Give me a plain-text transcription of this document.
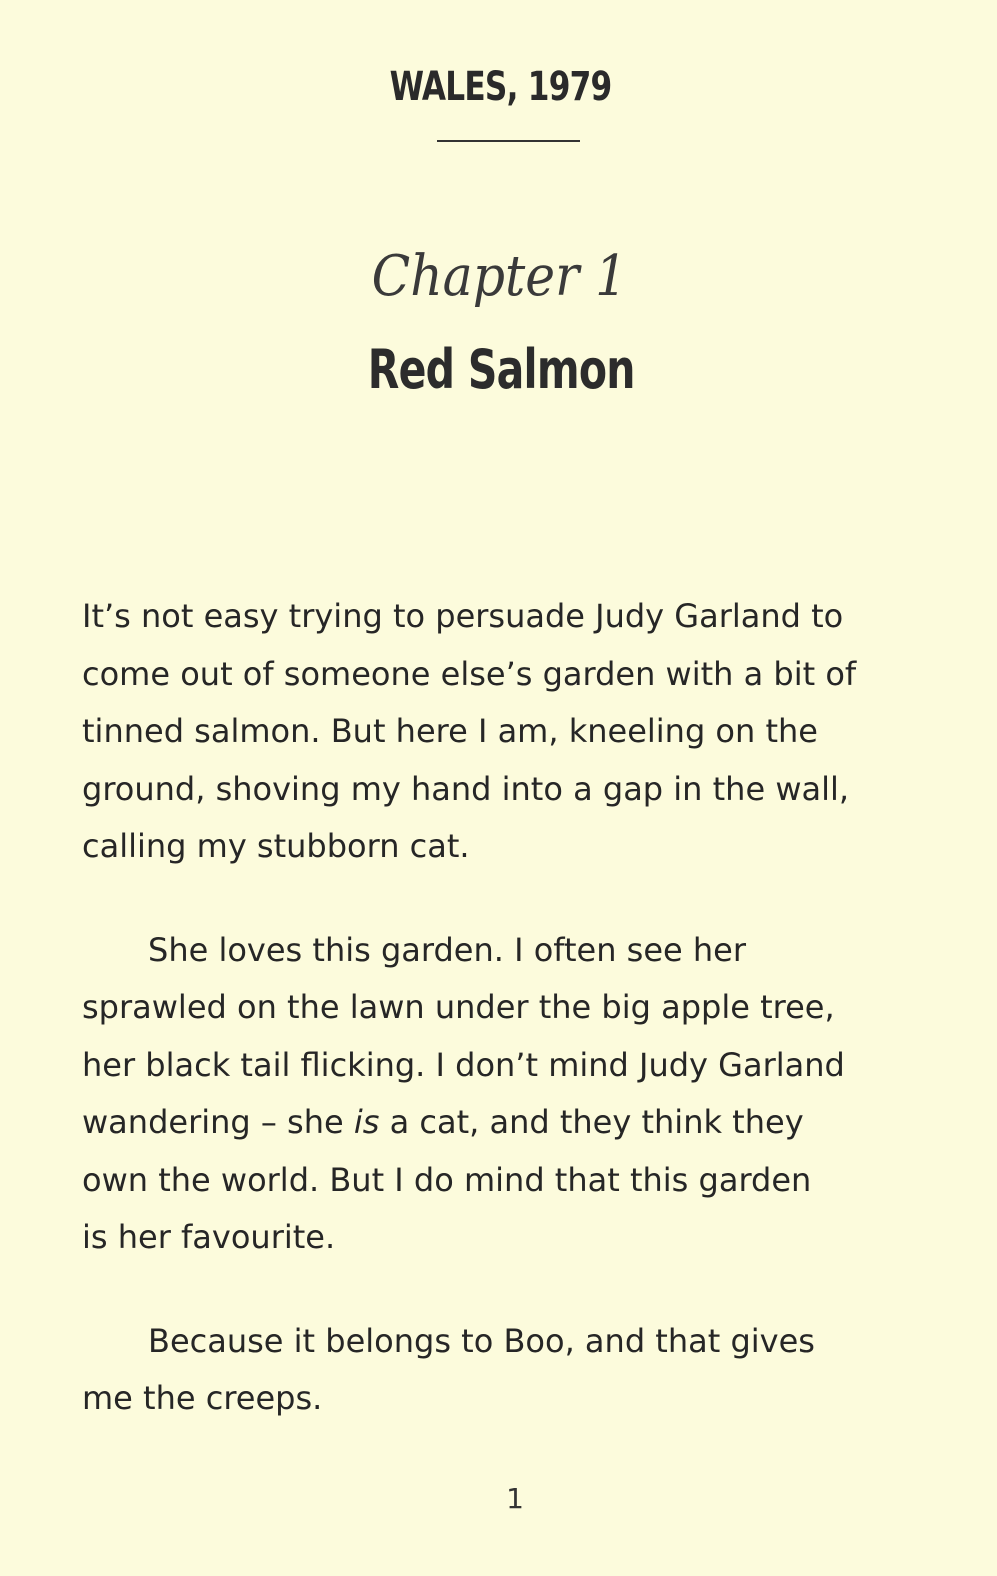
WALES, 1979
Chapter 1
Red Salmon

It’s not easy trying to persuade Judy Garland to
come out of someone else’s garden with a bit of
tinned salmon. But here I am, kneeling on the
ground, shoving my hand into a gap in the wall,
calling my stubborn cat.

She loves this garden. I often see her
sprawled on the lawn under the big apple tree,
her black tail flicking. I don’t mind Judy Garland
wandering – she is a cat, and they think they
own the world. But I do mind that this garden
is her favourite.

Because it belongs to Boo, and that gives
me the creeps.

1
